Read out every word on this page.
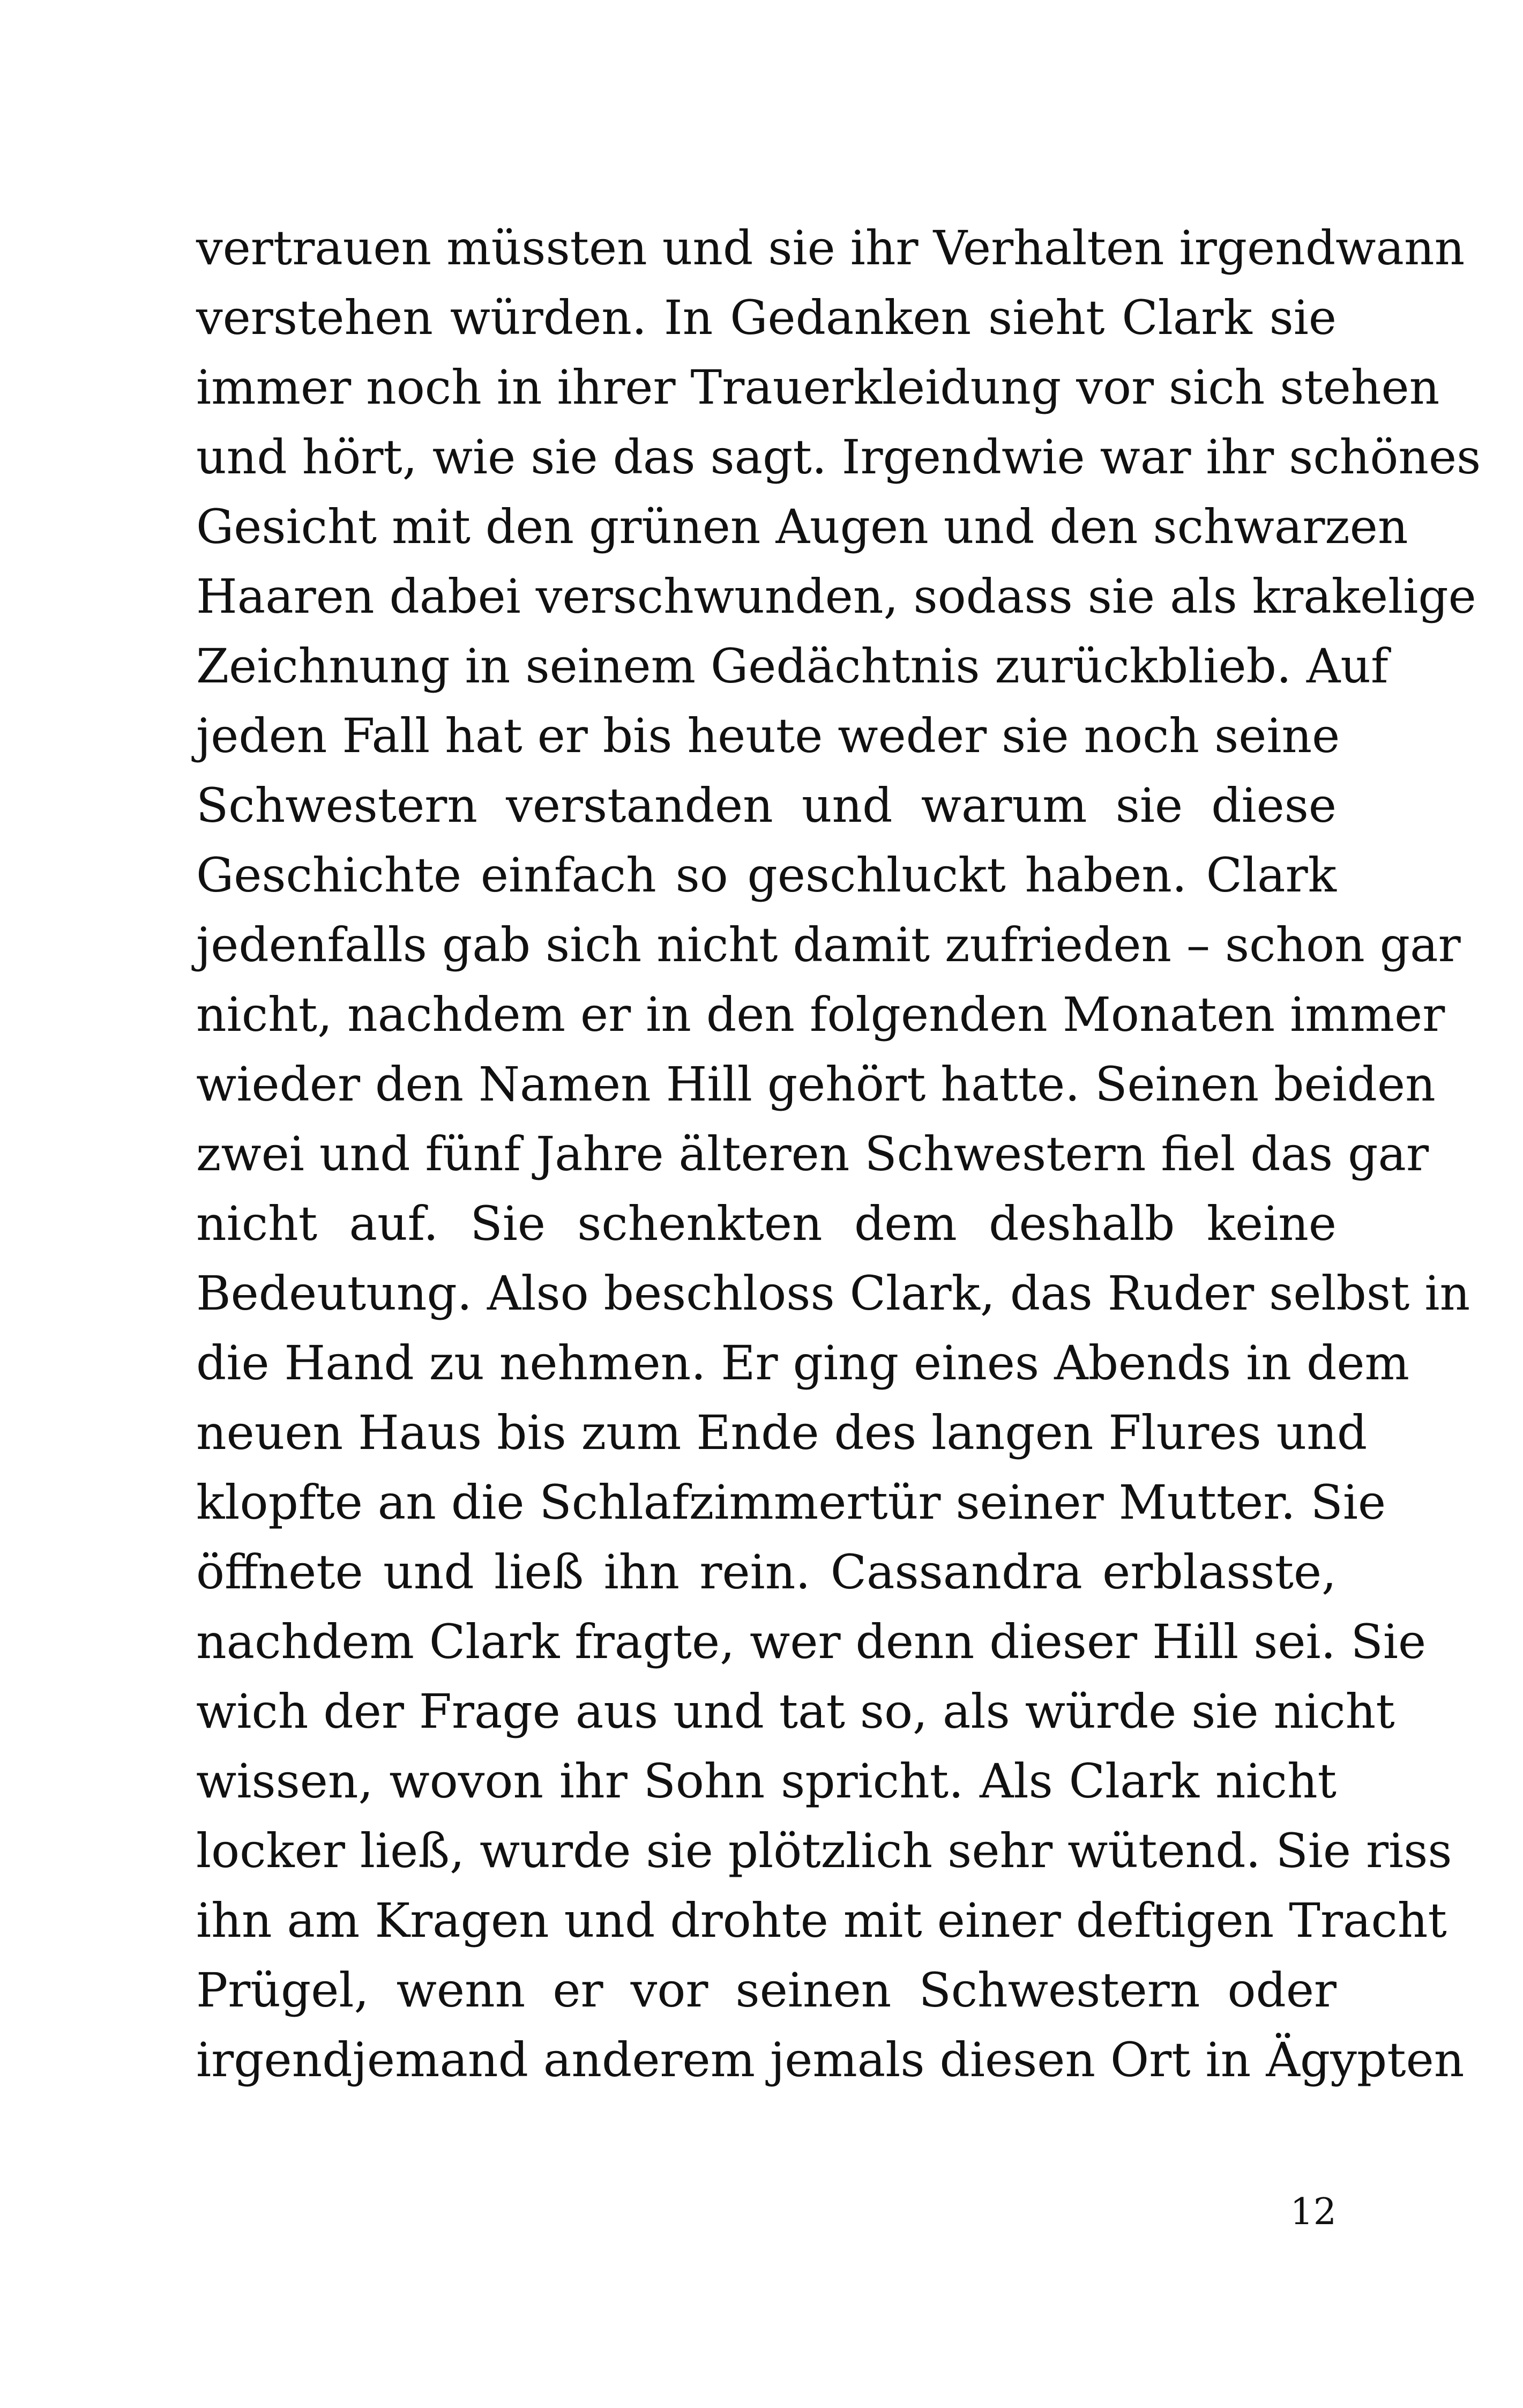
vertrauen müssten und sie ihr Verhalten irgendwann
verstehen würden. In Gedanken sieht Clark sie
immer noch in ihrer Trauerkleidung vor sich stehen
und hört, wie sie das sagt. Irgendwie war ihr schönes
Gesicht mit den grünen Augen und den schwarzen
Haaren dabei verschwunden, sodass sie als krakelige
Zeichnung in seinem Gedächtnis zurückblieb. Auf
jeden Fall hat er bis heute weder sie noch seine
Schwestern verstanden und warum sie diese
Geschichte einfach so geschluckt haben. Clark
jedenfalls gab sich nicht damit zufrieden – schon gar
nicht, nachdem er in den folgenden Monaten immer
wieder den Namen Hill gehört hatte. Seinen beiden
zwei und fünf Jahre älteren Schwestern fiel das gar
nicht auf. Sie schenkten dem deshalb keine
Bedeutung. Also beschloss Clark, das Ruder selbst in
die Hand zu nehmen. Er ging eines Abends in dem
neuen Haus bis zum Ende des langen Flures und
klopfte an die Schlafzimmertür seiner Mutter. Sie
öffnete und ließ ihn rein. Cassandra erblasste,
nachdem Clark fragte, wer denn dieser Hill sei. Sie
wich der Frage aus und tat so, als würde sie nicht
wissen, wovon ihr Sohn spricht. Als Clark nicht
locker ließ, wurde sie plötzlich sehr wütend. Sie riss
ihn am Kragen und drohte mit einer deftigen Tracht
Prügel, wenn er vor seinen Schwestern oder
irgendjemand anderem jemals diesen Ort in Ägypten
12
